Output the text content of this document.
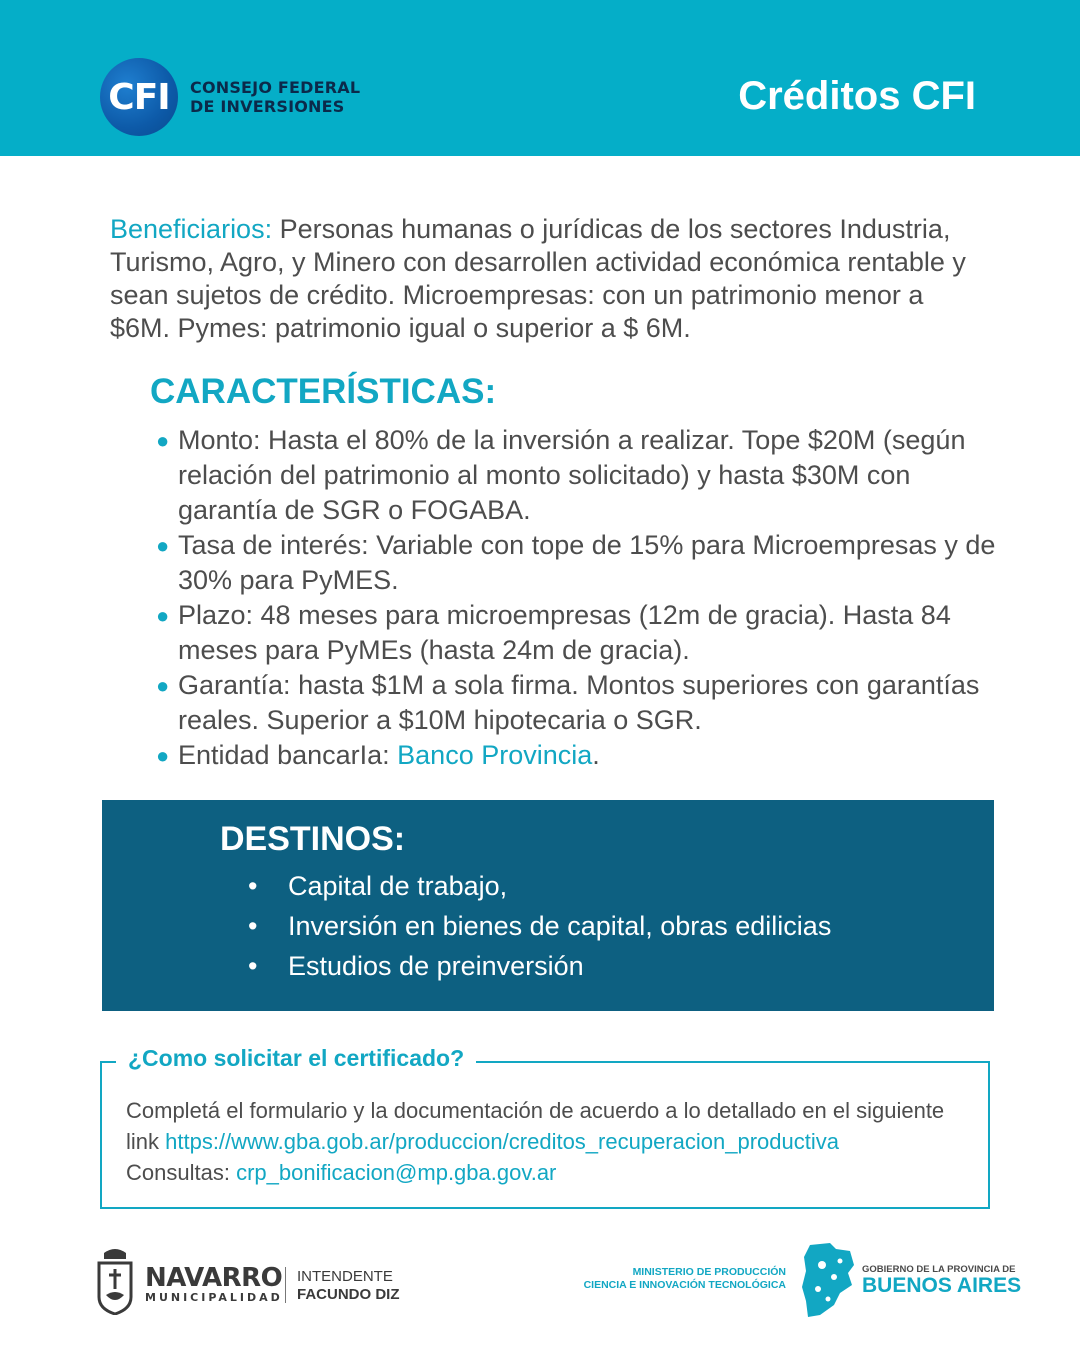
CFI	CONSEJO FEDERAL
DE INVERSIONES	Créditos CFI

Beneficiarios: Personas humanas o jurídicas de los sectores Industria, Turismo, Agro, y Minero con desarrollen actividad económica rentable y sean sujetos de crédito. Microempresas: con un patrimonio menor a $6M. Pymes: patrimonio igual o superior a $ 6M.

CARACTERÍSTICAS:
● Monto: Hasta el 80% de la inversión a realizar. Tope $20M (según relación del patrimonio al monto solicitado) y hasta $30M con garantía de SGR o FOGABA.
● Tasa de interés: Variable con tope de 15% para Microempresas y de 30% para PyMES.
● Plazo: 48 meses para microempresas (12m de gracia). Hasta 84 meses para PyMEs (hasta 24m de gracia).
● Garantía: hasta $1M a sola firma. Montos superiores con garantías reales. Superior a $10M hipotecaria o SGR.
● Entidad bancarIa: Banco Provincia.
DESTINOS:
• Capital de trabajo,
• Inversión en bienes de capital, obras edilicias
• Estudios de preinversión
¿Como solicitar el certificado?
Completá el formulario y la documentación de acuerdo a lo detallado en el siguiente link https://www.gba.gob.ar/produccion/creditos_recuperacion_productiva
Consultas: crp_bonificacion@mp.gba.gov.ar
NAVARRO
MUNICIPALIDAD
INTENDENTE
FACUNDO DIZ
MINISTERIO DE PRODUCCIÓN
CIENCIA E INNOVACIÓN TECNOLÓGICA
GOBIERNO DE LA PROVINCIA DE
BUENOS AIRES
